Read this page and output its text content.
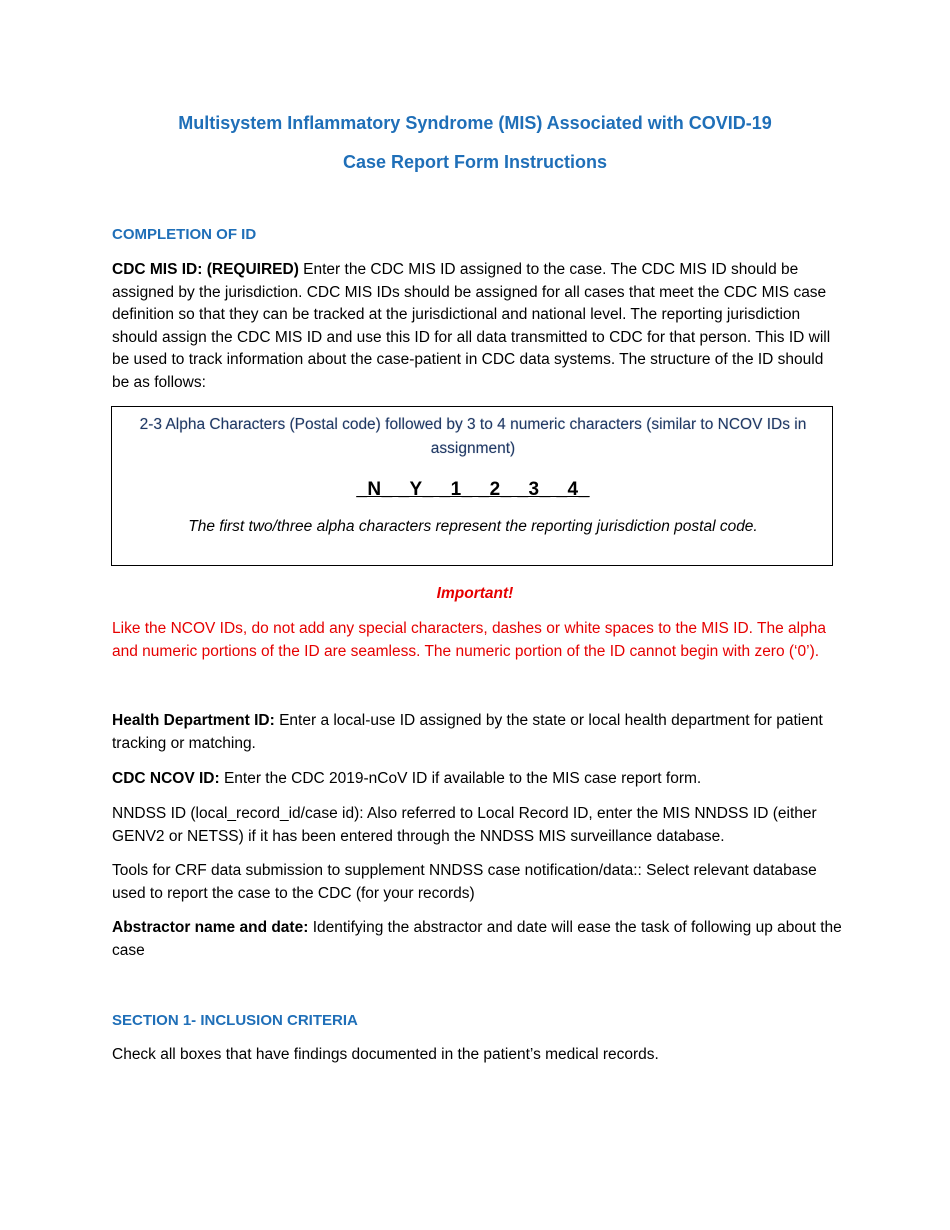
Multisystem Inflammatory Syndrome (MIS) Associated with COVID-19
Case Report Form Instructions
COMPLETION OF ID
CDC MIS ID: (REQUIRED) Enter the CDC MIS ID assigned to the case. The CDC MIS ID should be assigned by the jurisdiction. CDC MIS IDs should be assigned for all cases that meet the CDC MIS case definition so that they can be tracked at the jurisdictional and national level. The reporting jurisdiction should assign the CDC MIS ID and use this ID for all data transmitted to CDC for that person. This ID will be used to track information about the case-patient in CDC data systems. The structure of the ID should be as follows:
2-3 Alpha Characters (Postal code) followed by 3 to 4 numeric characters (similar to NCOV IDs in assignment)
_N_ _Y_ _1_ _2_ _3_ _4_
The first two/three alpha characters represent the reporting jurisdiction postal code.
Important!
Like the NCOV IDs, do not add any special characters, dashes or white spaces to the MIS ID. The alpha and numeric portions of the ID are seamless. The numeric portion of the ID cannot begin with zero (‘0’).
Health Department ID: Enter a local-use ID assigned by the state or local health department for patient tracking or matching.
CDC NCOV ID: Enter the CDC 2019-nCoV ID if available to the MIS case report form.
NNDSS ID (local_record_id/case id): Also referred to Local Record ID, enter the MIS NNDSS ID (either GENV2 or NETSS) if it has been entered through the NNDSS MIS surveillance database.
Tools for CRF data submission to supplement NNDSS case notification/data:: Select relevant database used to report the case to the CDC (for your records)
Abstractor name and date: Identifying the abstractor and date will ease the task of following up about the case
SECTION 1- INCLUSION CRITERIA
Check all boxes that have findings documented in the patient’s medical records.
